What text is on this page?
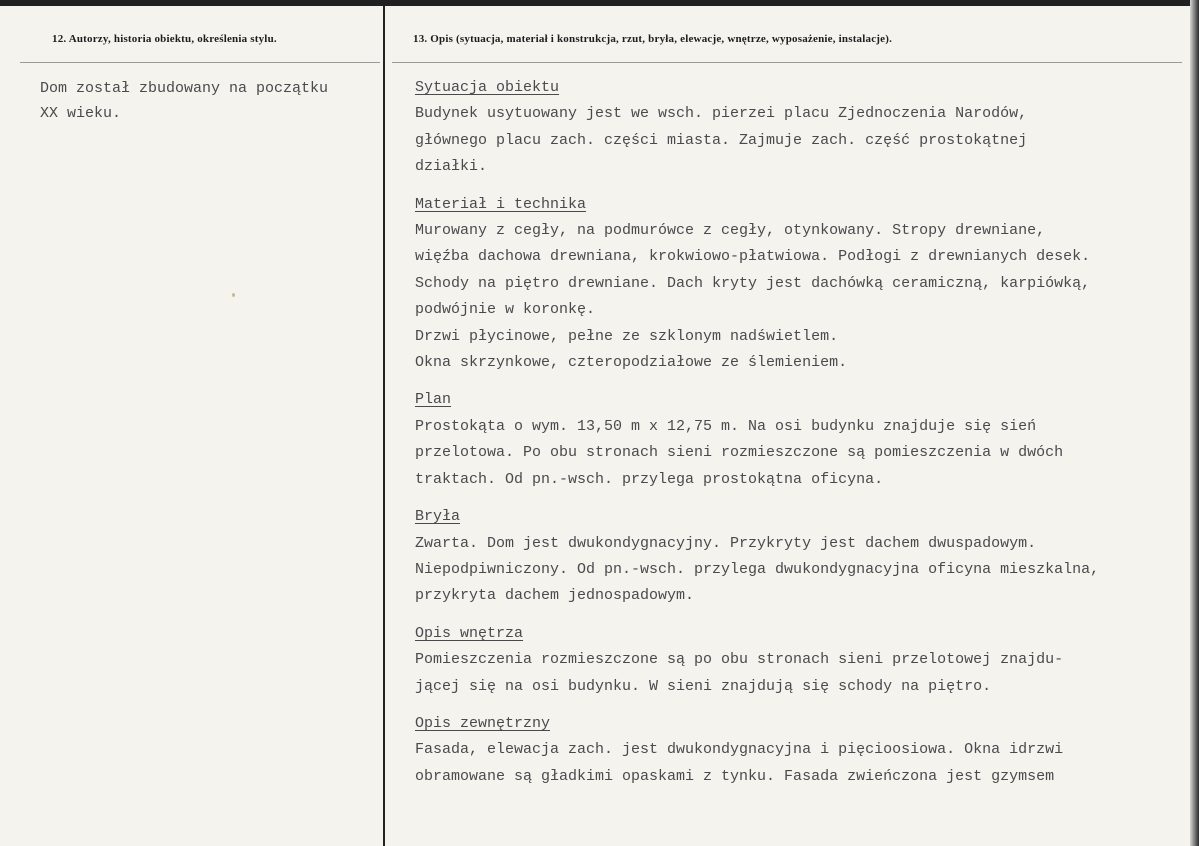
12. Autorzy, historia obiektu, określenia stylu.	13. Opis (sytuacja, materiał i konstrukcja, rzut, bryła, elewacje, wnętrze, wyposażenie, instalacje).
Dom został zbudowany na początku
XX wieku.
Sytuacja obiektu
Budynek usytuowany jest we wsch. pierzei placu Zjednoczenia Narodów,
głównego placu zach. części miasta. Zajmuje zach. część prostokątnej
działki.
Materiał i technika
Murowany z cegły, na podmurówce z cegły, otynkowany. Stropy drewniane,
więźba dachowa drewniana, krokwiowo-płatwiowa. Podłogi z drewnianych desek.
Schody na piętro drewniane. Dach kryty jest dachówką ceramiczną, karpiówką,
podwójnie w koronkę.
Drzwi płycinowe, pełne ze szklonym nadświetlem.
Okna skrzynkowe, czteropodziałowe ze ślemieniem.
Plan
Prostokąta o wym. 13,50 m x 12,75 m. Na osi budynku znajduje się sień
przelotowa. Po obu stronach sieni rozmieszczone są pomieszczenia w dwóch
traktach. Od pn.-wsch. przylega prostokątna oficyna.
Bryła
Zwarta. Dom jest dwukondygnacyjny. Przykryty jest dachem dwuspadowym.
Niepodpiwniczony. Od pn.-wsch. przylega dwukondygnacyjna oficyna mieszkalna,
przykryta dachem jednospadowym.
Opis wnętrza
Pomieszczenia rozmieszczone są po obu stronach sieni przelotowej znajdu-
jącej się na osi budynku. W sieni znajdują się schody na piętro.
Opis zewnętrzny
Fasada, elewacja zach. jest dwukondygnacyjna i pięcioosiowa. Okna idrzwi
obramowane są gładkimi opaskami z tynku. Fasada zwieńczona jest gzymsem
